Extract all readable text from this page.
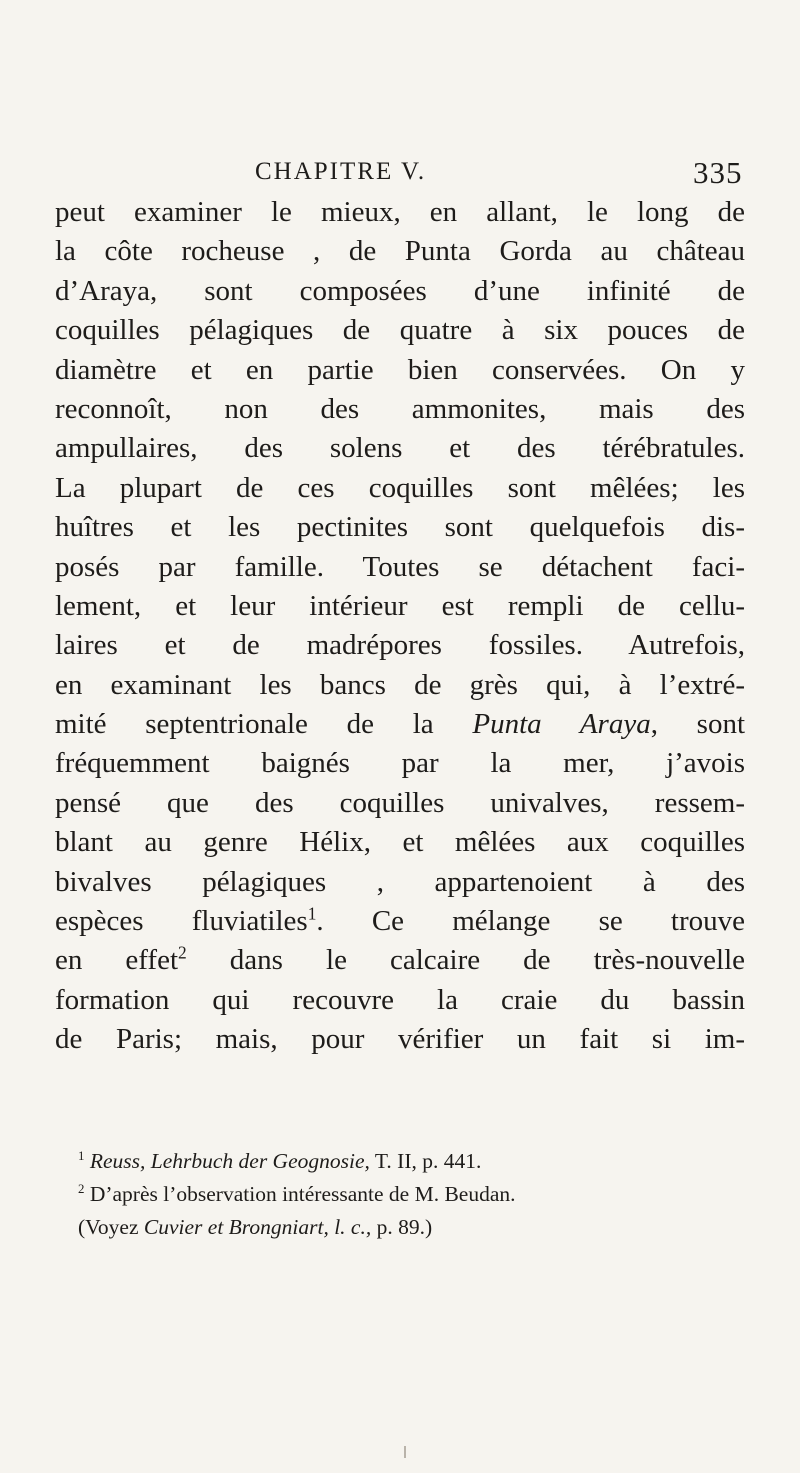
CHAPITRE V.	335
peut examiner le mieux, en allant, le long de
la côte rocheuse , de Punta Gorda au château
d’Araya, sont composées d’une infinité de
coquilles pélagiques de quatre à six pouces de
diamètre et en partie bien conservées. On y
reconnoît, non des ammonites, mais des
ampullaires, des solens et des térébratules.
La plupart de ces coquilles sont mêlées; les
huîtres et les pectinites sont quelquefois dis-
posés par famille. Toutes se détachent faci-
lement, et leur intérieur est rempli de cellu-
laires et de madrépores fossiles. Autrefois,
en examinant les bancs de grès qui, à l’extré-
mité septentrionale de la Punta Araya, sont
fréquemment baignés par la mer, j’avois
pensé que des coquilles univalves, ressem-
blant au genre Hélix, et mêlées aux coquilles
bivalves pélagiques , appartenoient à des
espèces fluviatiles$^1$. Ce mélange se trouve
en effet$^2$ dans le calcaire de très-nouvelle
formation qui recouvre la craie du bassin
de Paris; mais, pour vérifier un fait si im-
$^1$ Reuss, Lehrbuch der Geognosie, T. II, p. 441.
$^2$ D’après l’observation intéressante de M. Beudan.
(Voyez Cuvier et Brongniart, l. c., p. 89.)
